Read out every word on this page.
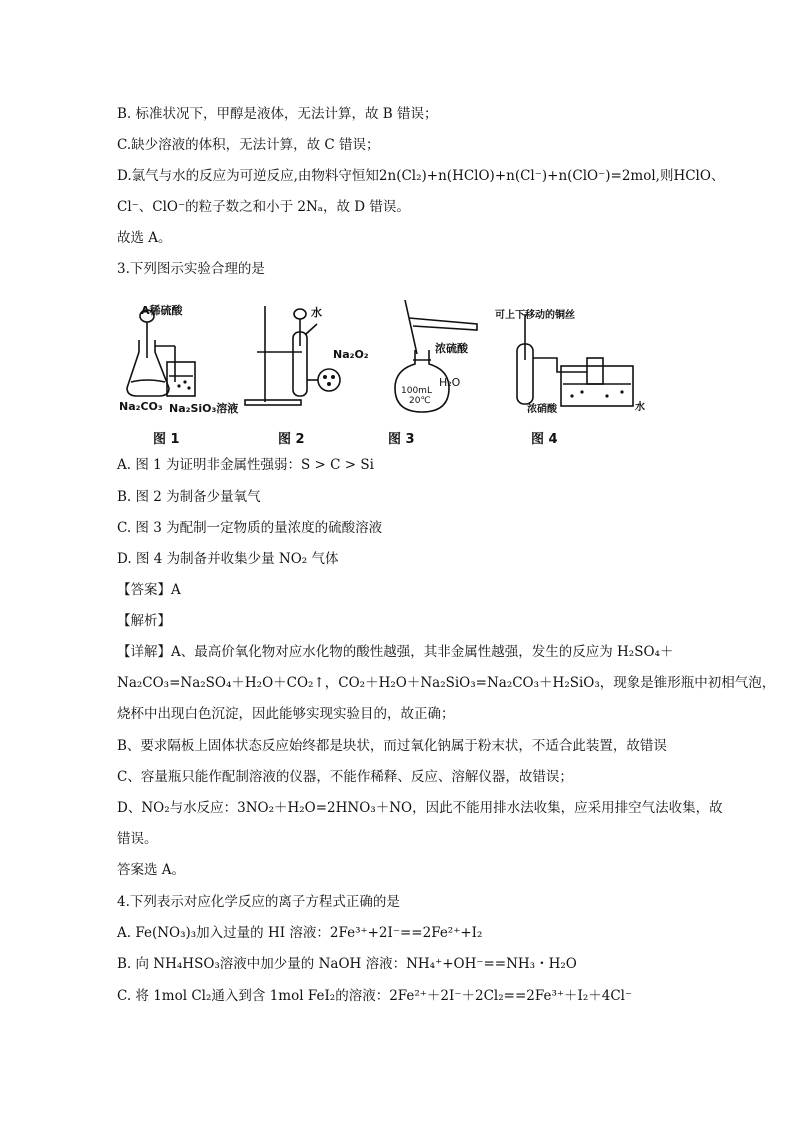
B. 标准状况下，甲醇是液体，无法计算，故 B 错误；
C.缺少溶液的体积，无法计算，故 C 错误；
D.氯气与水的反应为可逆反应,由物料守恒知2n(Cl₂)+n(HClO)+n(Cl⁻)+n(ClO⁻)=2mol,则HClO、
Cl⁻、ClO⁻的粒子数之和小于 2Nₐ，故 D 错误。
故选 A。
3.下列图示实验合理的是
A稀硫酸
Na₂CO₃ Na₂SiO₃溶液
水
Na₂O₂	浓硫酸
100mL
20℃
H₂O
可上下移动的铜丝
浓硝酸	水
图 1	图 2	图 3	图 4
A. 图 1 为证明非金属性强弱：S > C > Si
B. 图 2 为制备少量氧气
C. 图 3 为配制一定物质的量浓度的硫酸溶液
D. 图 4 为制备并收集少量 NO₂ 气体
【答案】A
【解析】
【详解】A、最高价氧化物对应水化物的酸性越强，其非金属性越强，发生的反应为 H₂SO₄＋
Na₂CO₃=Na₂SO₄＋H₂O＋CO₂↑，CO₂＋H₂O＋Na₂SiO₃=Na₂CO₃＋H₂SiO₃，现象是锥形瓶中初相气泡，
烧杯中出现白色沉淀，因此能够实现实验目的，故正确；
B、要求隔板上固体状态反应始终都是块状，而过氧化钠属于粉末状，不适合此装置，故错误
C、容量瓶只能作配制溶液的仪器，不能作稀释、反应、溶解仪器，故错误；
D、NO₂与水反应：3NO₂＋H₂O=2HNO₃＋NO，因此不能用排水法收集，应采用排空气法收集，故
错误。
答案选 A。
4.下列表示对应化学反应的离子方程式正确的是
A. Fe(NO₃)₃加入过量的 HI 溶液：2Fe³⁺+2I⁻==2Fe²⁺+I₂
B. 向 NH₄HSO₃溶液中加少量的 NaOH 溶液：NH₄⁺+OH⁻==NH₃・H₂O
C. 将 1mol Cl₂通入到含 1mol FeI₂的溶液：2Fe²⁺＋2I⁻＋2Cl₂==2Fe³⁺＋I₂＋4Cl⁻
